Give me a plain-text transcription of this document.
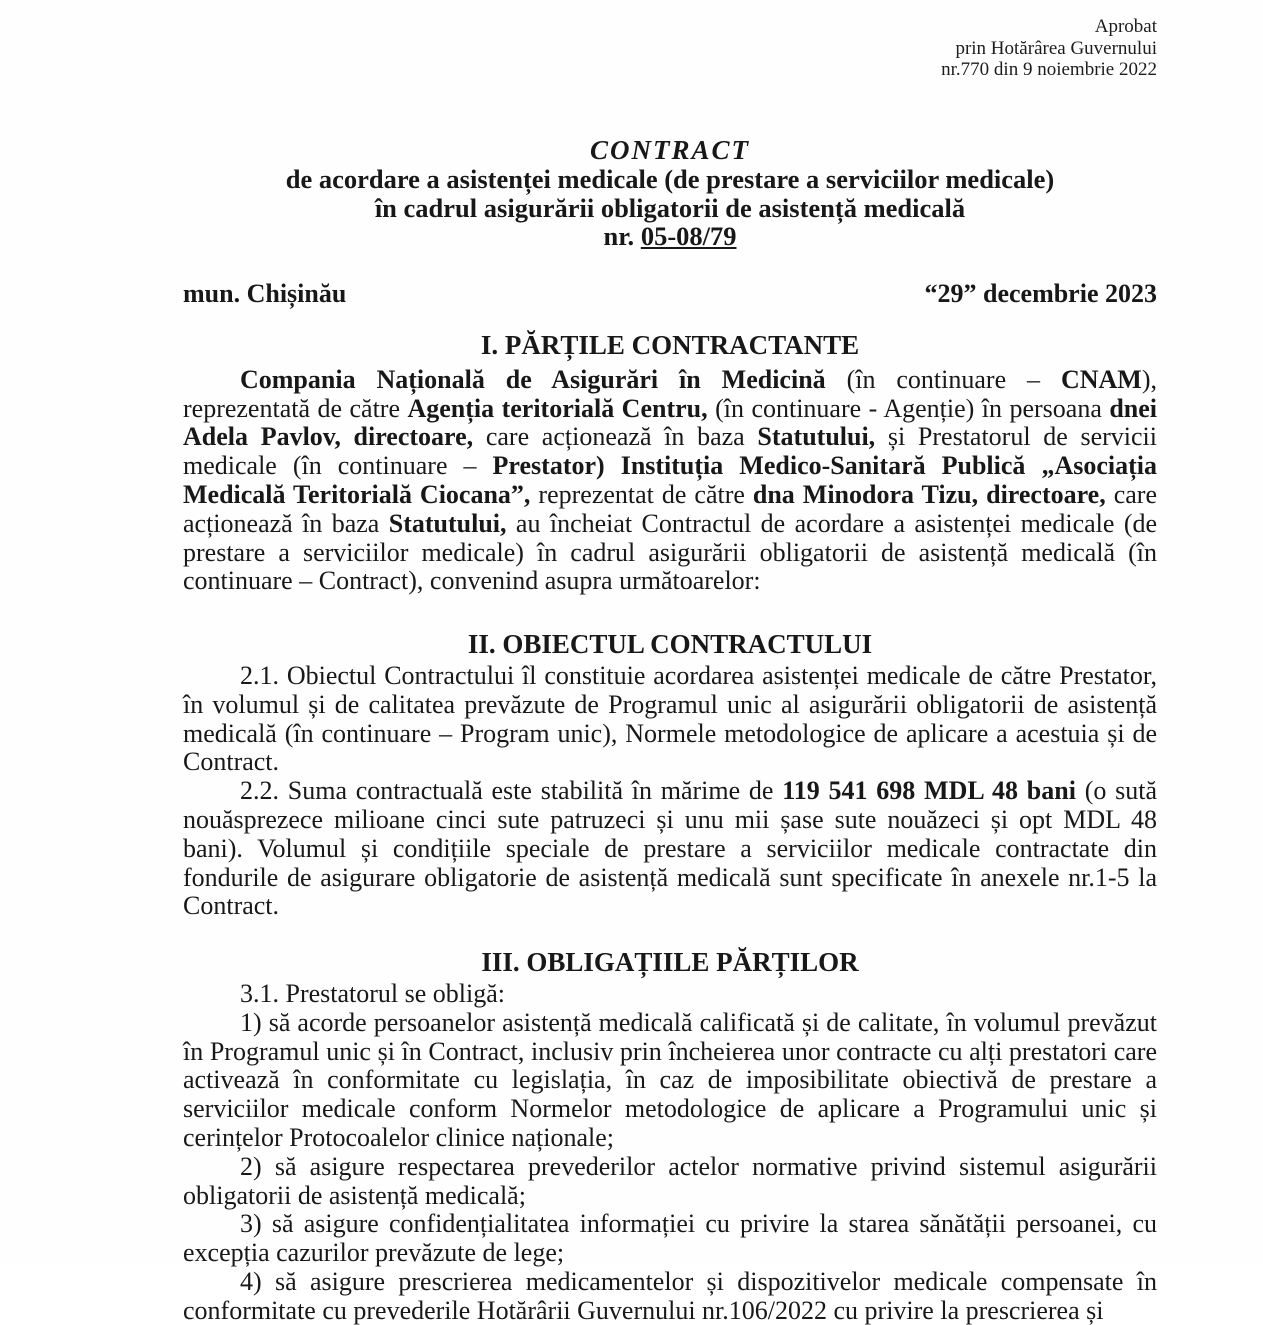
Aprobat
prin Hotărârea Guvernului
nr.770 din 9 noiembrie 2022
CONTRACT
de acordare a asistenței medicale (de prestare a serviciilor medicale)
în cadrul asigurării obligatorii de asistență medicală
nr. 05-08/79
mun. Chișinău	“29” decembrie 2023
I. PĂRȚILE CONTRACTANTE

Compania Națională de Asigurări în Medicină (în continuare – CNAM), reprezentată de către Agenția teritorială Centru, (în continuare - Agenție) în persoana dnei Adela Pavlov, directoare, care acționează în baza Statutului, și Prestatorul de servicii medicale (în continuare – Prestator) Instituția Medico-Sanitară Publică „Asociația Medicală Teritorială Ciocana”, reprezentat de către dna Minodora Tizu, directoare, care acționează în baza Statutului, au încheiat Contractul de acordare a asistenței medicale (de prestare a serviciilor medicale) în cadrul asigurării obligatorii de asistență medicală (în continuare – Contract), convenind asupra următoarelor:

II. OBIECTUL CONTRACTULUI

2.1. Obiectul Contractului îl constituie acordarea asistenței medicale de către Prestator, în volumul și de calitatea prevăzute de Programul unic al asigurării obligatorii de asistență medicală (în continuare – Program unic), Normele metodologice de aplicare a acestuia și de Contract.

2.2. Suma contractuală este stabilită în mărime de 119 541 698 MDL 48 bani (o sută nouăsprezece milioane cinci sute patruzeci și unu mii șase sute nouăzeci și opt MDL 48 bani). Volumul și condițiile speciale de prestare a serviciilor medicale contractate din fondurile de asigurare obligatorie de asistență medicală sunt specificate în anexele nr.1-5 la Contract.

III. OBLIGAȚIILE PĂRȚILOR

3.1. Prestatorul se obligă:

1) să acorde persoanelor asistență medicală calificată și de calitate, în volumul prevăzut în Programul unic și în Contract, inclusiv prin încheierea unor contracte cu alți prestatori care activează în conformitate cu legislația, în caz de imposibilitate obiectivă de prestare a serviciilor medicale conform Normelor metodologice de aplicare a Programului unic și cerințelor Protocoalelor clinice naționale;

2) să asigure respectarea prevederilor actelor normative privind sistemul asigurării obligatorii de asistență medicală;

3) să asigure confidențialitatea informației cu privire la starea sănătății persoanei, cu excepția cazurilor prevăzute de lege;

4) să asigure prescrierea medicamentelor și dispozitivelor medicale compensate în conformitate cu prevederile Hotărârii Guvernului nr.106/2022 cu privire la prescrierea și
